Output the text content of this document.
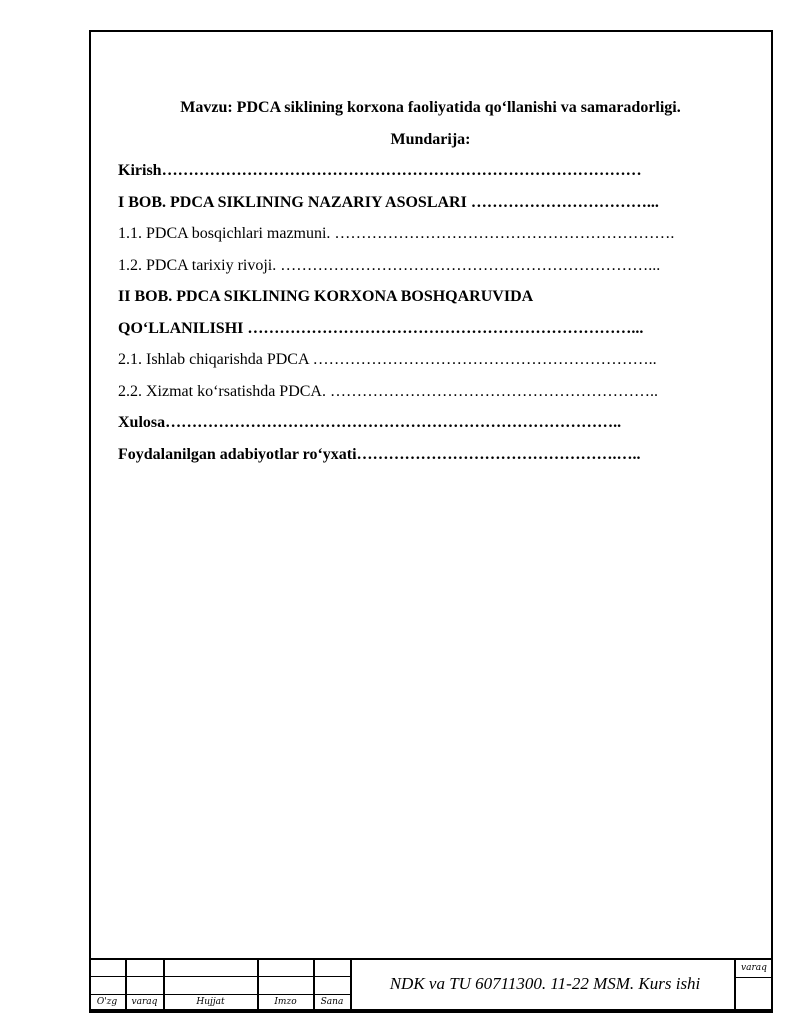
Mavzu: PDCA siklining korxona faoliyatida qo‘llanishi va samaradorligi.
Mundarija:
Kirish………………………………………………………………………………
I BOB. PDCA SIKLINING NAZARIY ASOSLARI ……………………………...
1.1. PDCA bosqichlari mazmuni. ……………………………………………………….
1.2. PDCA tarixiy rivoji. ……………………………………………………………...
II BOB. PDCA SIKLINING KORXONA BOSHQARUVIDA
QO‘LLANILISHI ………………………………………………………………...
2.1. Ishlab chiqarishda PDCA ………………………………………………………..
2.2. Xizmat ko‘rsatishda PDCA. ……………………………………………………..
Xulosa…………………………………………………………………………..
Foydalanilgan adabiyotlar ro‘yxati………………………………………….…..
O'zg	varaq	Hujjat	Imzo	Sana
NDK va TU 60711300. 11-22 MSM. Kurs ishi
varaq
